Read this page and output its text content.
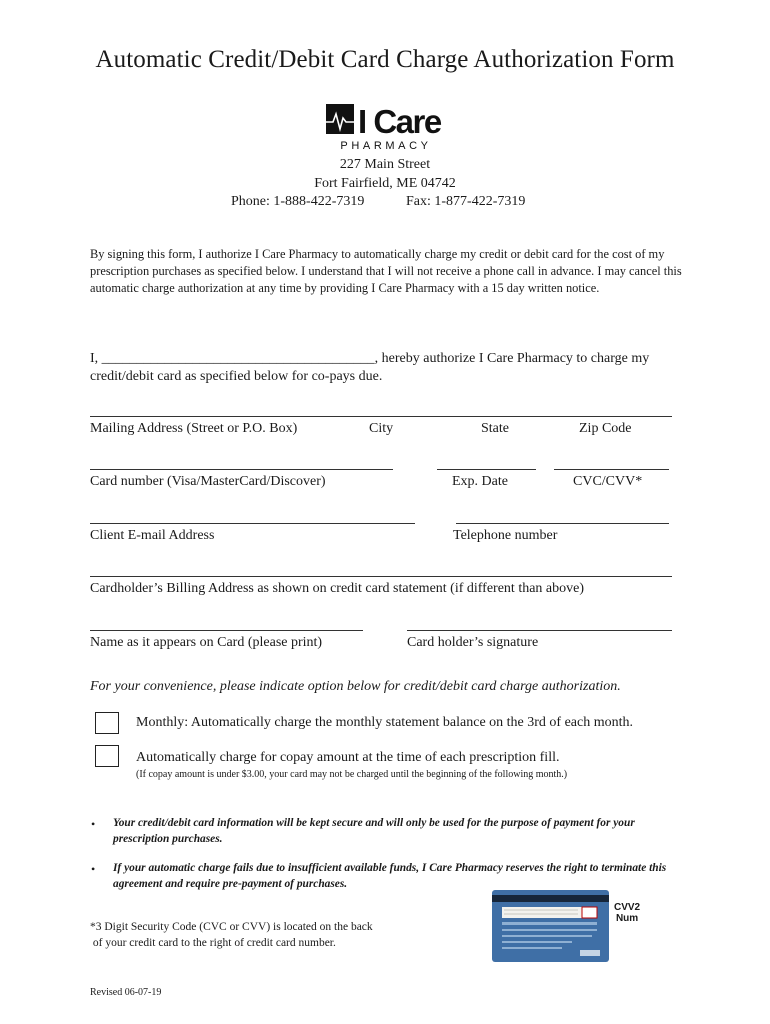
Automatic Credit/Debit Card Charge Authorization Form
I Care
PHARMACY
227 Main Street
Fort Fairfield, ME 04742
Phone: 1-888-422-7319	Fax: 1-877-422-7319
By signing this form, I authorize I Care Pharmacy to automatically charge my credit or debit card for the cost of my prescription purchases as specified below. I understand that I will not receive a phone call in advance. I may cancel this automatic charge authorization at any time by providing I Care Pharmacy with a 15 day written notice.
I, _______________________________________, hereby authorize I Care Pharmacy to charge my credit/debit card as specified below for co-pays due.
Mailing Address (Street or P.O. Box)	City	State	Zip Code
Card number (Visa/MasterCard/Discover)	Exp. Date	CVC/CVV*
Client E-mail Address	Telephone number
Cardholder’s Billing Address as shown on credit card statement (if different than above)
Name as it appears on Card (please print)	Card holder’s signature
For your convenience, please indicate option below for credit/debit card charge authorization.
Monthly: Automatically charge the monthly statement balance on the 3rd of each month.
Automatically charge for copay amount at the time of each prescription fill.
(If copay amount is under $3.00, your card may not be charged until the beginning of the following month.)
• Your credit/debit card information will be kept secure and will only be used for the purpose of payment for your prescription purchases.
• If your automatic charge fails due to insufficient available funds, I Care Pharmacy reserves the right to terminate this agreement and require pre-payment of purchases.
*3 Digit Security Code (CVC or CVV) is located on the back
of your credit card to the right of credit card number.
CVV2
Num
Revised 06-07-19
